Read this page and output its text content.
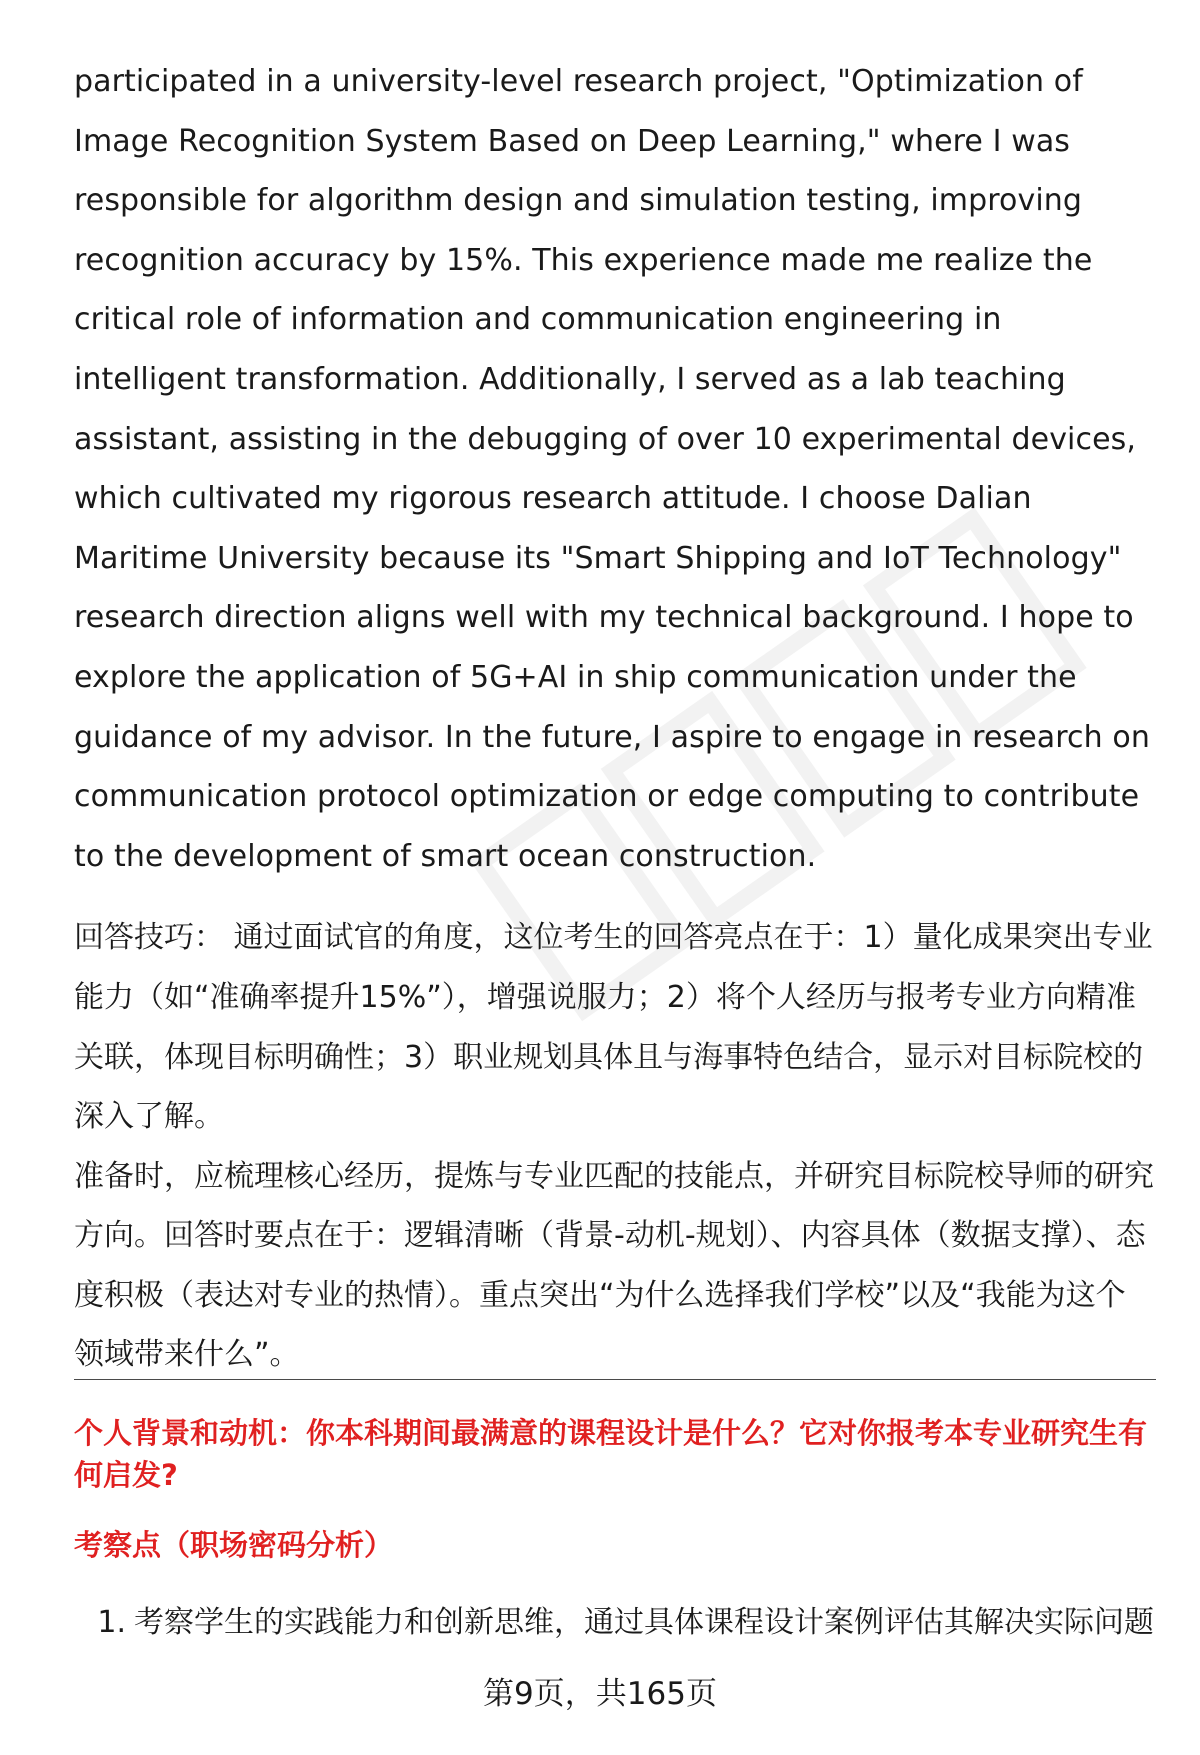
participated in a university-level research project, "Optimization of Image Recognition System Based on Deep Learning," where I was responsible for algorithm design and simulation testing, improving recognition accuracy by 15%. This experience made me realize the critical role of information and communication engineering in intelligent transformation. Additionally, I served as a lab teaching assistant, assisting in the debugging of over 10 experimental devices, which cultivated my rigorous research attitude. I choose Dalian Maritime University because its "Smart Shipping and IoT Technology" research direction aligns well with my technical background. I hope to explore the application of 5G+AI in ship communication under the guidance of my advisor. In the future, I aspire to engage in research on communication protocol optimization or edge computing to contribute to the development of smart ocean construction.

回答技巧： 通过面试官的角度，这位考生的回答亮点在于：1）量化成果突出专业能力（如“准确率提升15%”），增强说服力；2）将个人经历与报考专业方向精准关联，体现目标明确性；3）职业规划具体且与海事特色结合，显示对目标院校的深入了解。

准备时，应梳理核心经历，提炼与专业匹配的技能点，并研究目标院校导师的研究方向。回答时要点在于：逻辑清晰（背景-动机-规划）、内容具体（数据支撑）、态度积极（表达对专业的热情）。重点突出“为什么选择我们学校”以及“我能为这个领域带来什么”。

个人背景和动机：你本科期间最满意的课程设计是什么？它对你报考本专业研究生有何启发?

考察点（职场密码分析）

1. 考察学生的实践能力和创新思维，通过具体课程设计案例评估其解决实际问题

第9页，共165页
